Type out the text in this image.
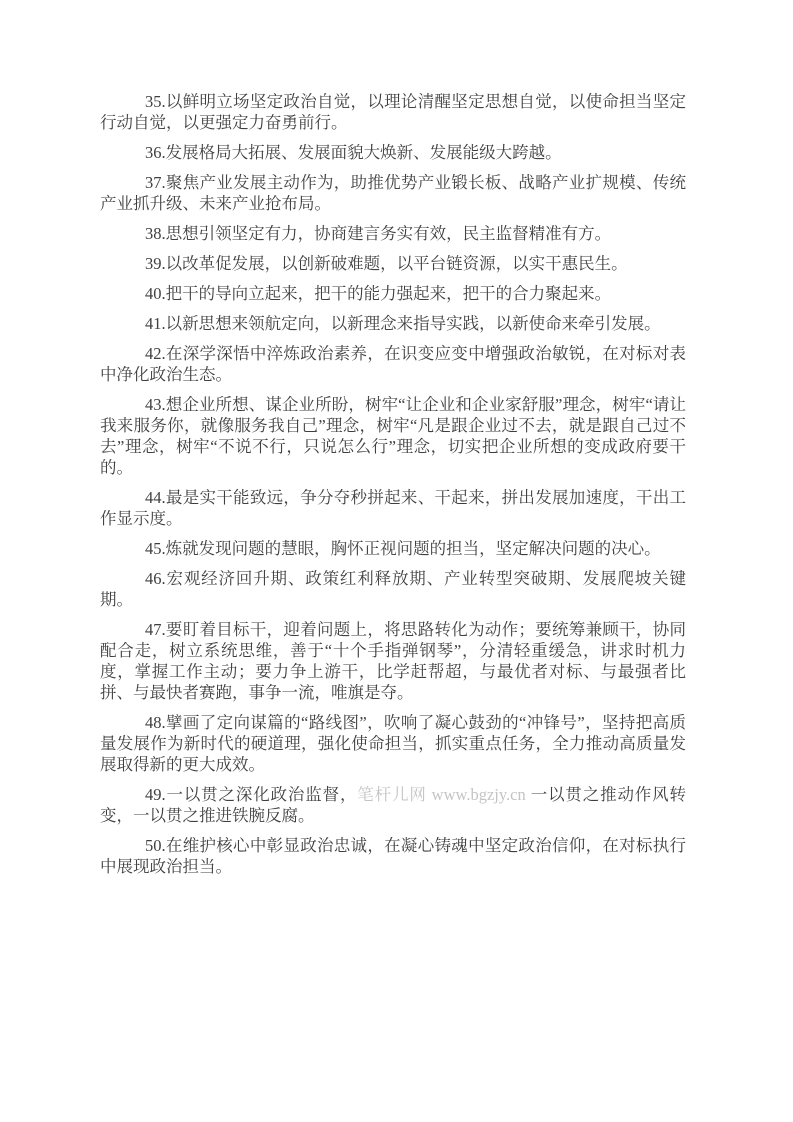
35.以鲜明立场坚定政治自觉，以理论清醒坚定思想自觉，以使命担当坚定行动自觉，以更强定力奋勇前行。

36.发展格局大拓展、发展面貌大焕新、发展能级大跨越。

37.聚焦产业发展主动作为，助推优势产业锻长板、战略产业扩规模、传统产业抓升级、未来产业抢布局。

38.思想引领坚定有力，协商建言务实有效，民主监督精准有方。

39.以改革促发展，以创新破难题，以平台链资源，以实干惠民生。

40.把干的导向立起来，把干的能力强起来，把干的合力聚起来。

41.以新思想来领航定向，以新理念来指导实践，以新使命来牵引发展。

42.在深学深悟中淬炼政治素养，在识变应变中增强政治敏锐，在对标对表中净化政治生态。

43.想企业所想、谋企业所盼，树牢“让企业和企业家舒服”理念，树牢“请让我来服务你，就像服务我自己”理念，树牢“凡是跟企业过不去，就是跟自己过不去”理念，树牢“不说不行，只说怎么行”理念，切实把企业所想的变成政府要干的。

44.最是实干能致远，争分夺秒拼起来、干起来，拼出发展加速度，干出工作显示度。

45.炼就发现问题的慧眼，胸怀正视问题的担当，坚定解决问题的决心。

46.宏观经济回升期、政策红利释放期、产业转型突破期、发展爬坡关键期。

47.要盯着目标干，迎着问题上，将思路转化为动作；要统筹兼顾干，协同配合走，树立系统思维，善于“十个手指弹钢琴”，分清轻重缓急，讲求时机力度，掌握工作主动；要力争上游干，比学赶帮超，与最优者对标、与最强者比拼、与最快者赛跑，事争一流，唯旗是夺。

48.擘画了定向谋篇的“路线图”，吹响了凝心鼓劲的“冲锋号”，坚持把高质量发展作为新时代的硬道理，强化使命担当，抓实重点任务，全力推动高质量发展取得新的更大成效。

49.一以贯之深化政治监督，笔杆儿网 www.bgzjy.cn 一以贯之推动作风转变，一以贯之推进铁腕反腐。

50.在维护核心中彰显政治忠诚，在凝心铸魂中坚定政治信仰，在对标执行中展现政治担当。
